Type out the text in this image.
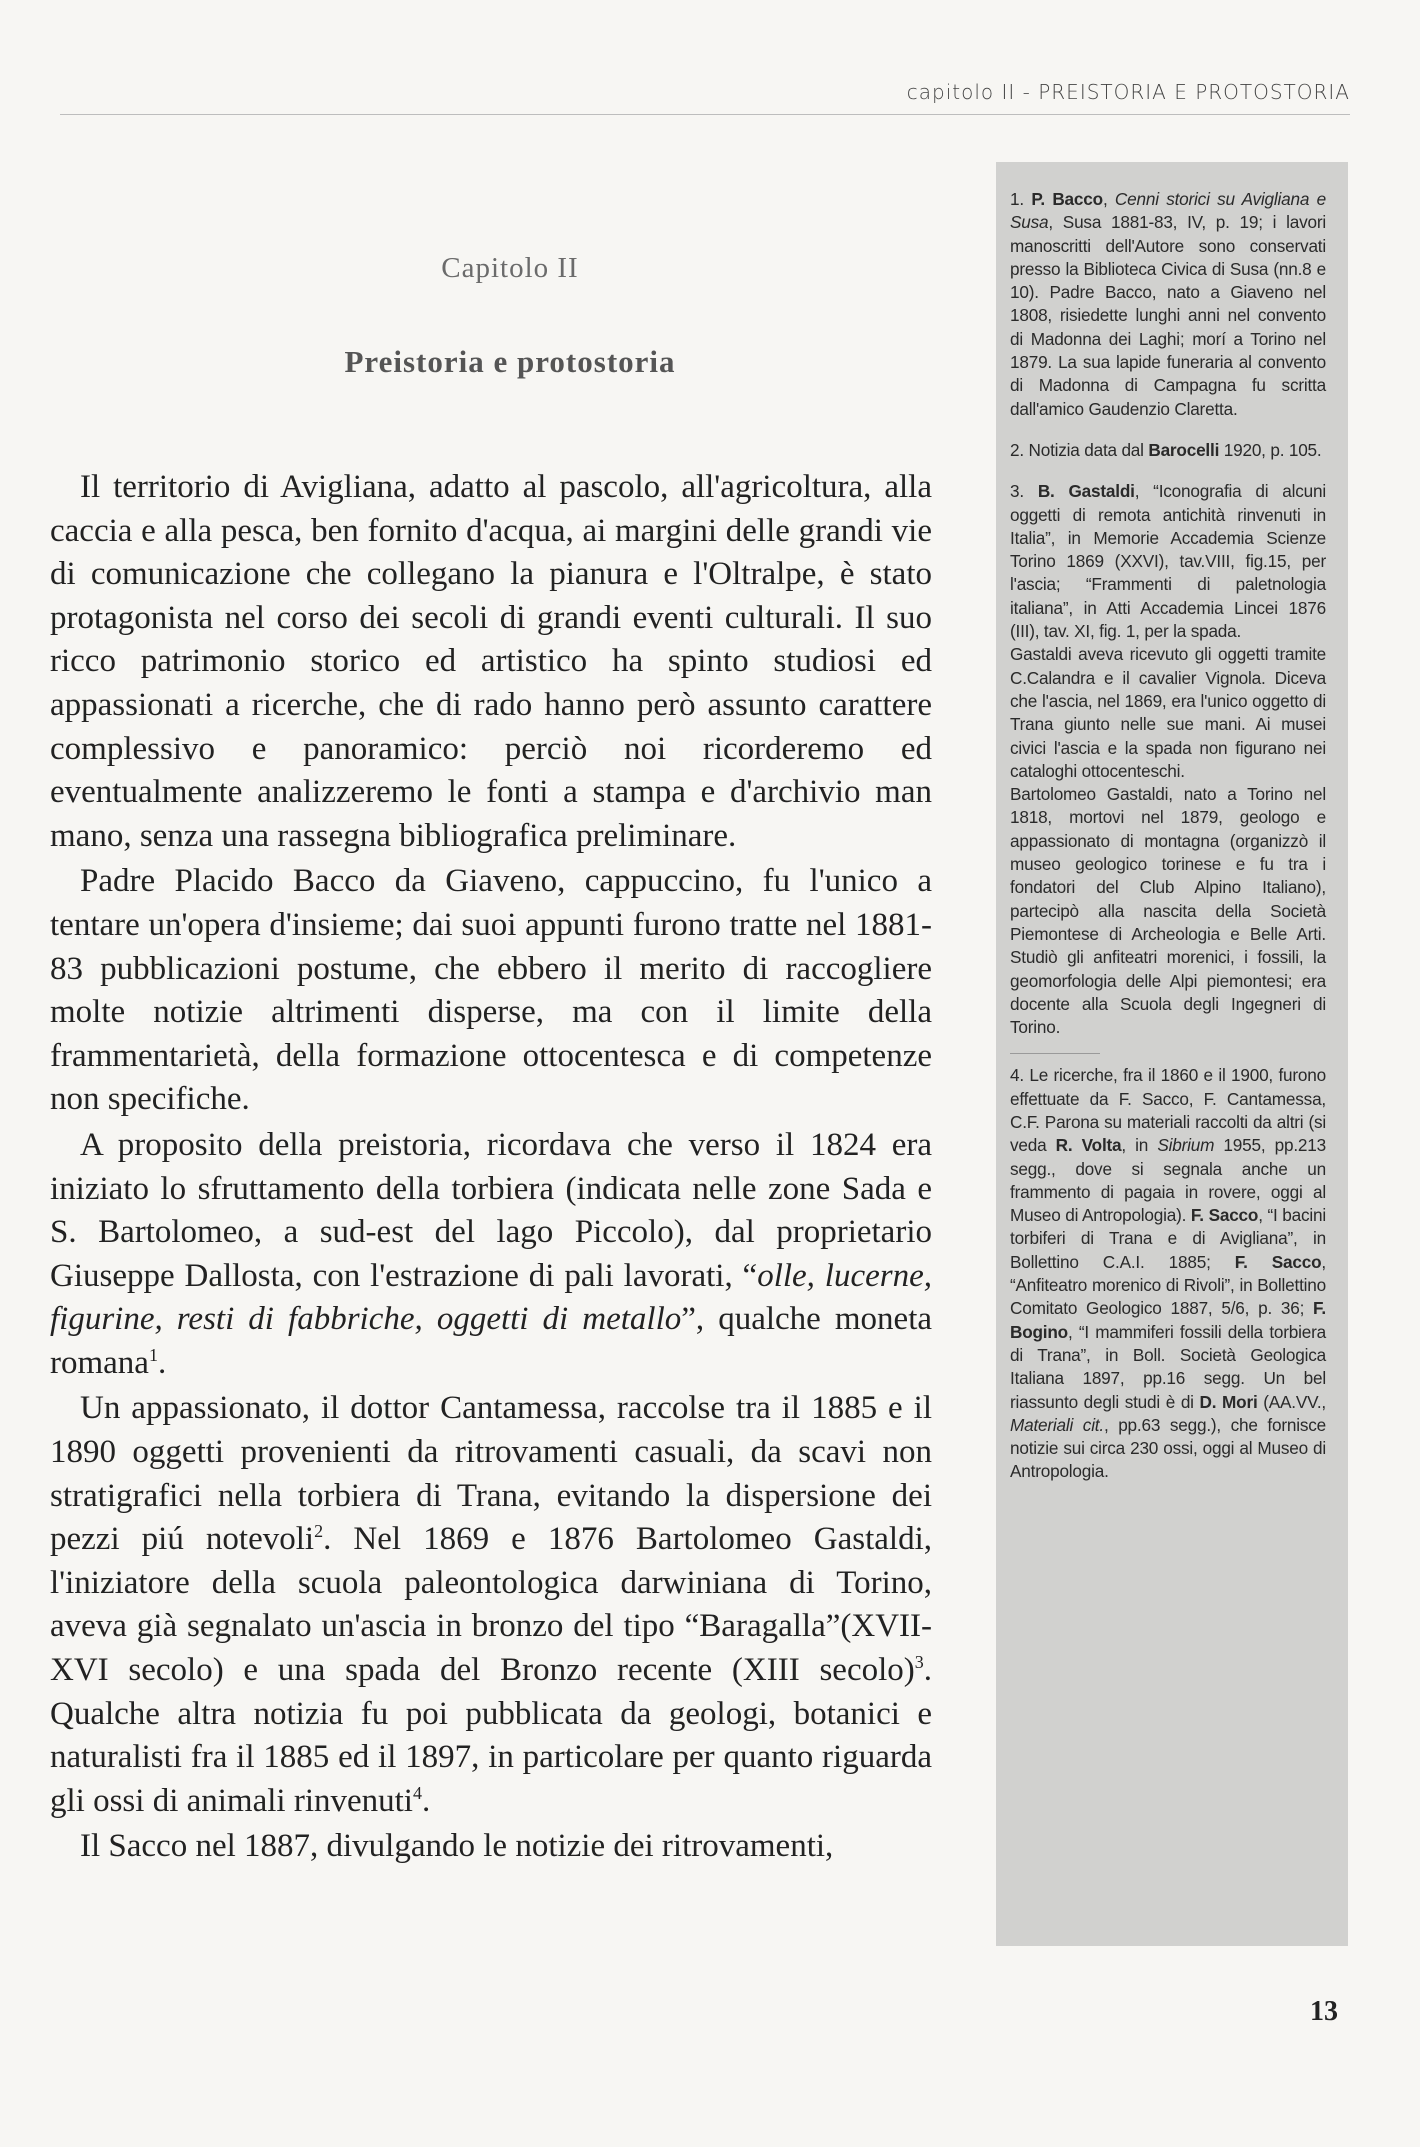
capitolo II - PREISTORIA E PROTOSTORIA
Capitolo II
Preistoria e protostoria

Il territorio di Avigliana, adatto al pascolo, all'agricoltura, alla caccia e alla pesca, ben fornito d'acqua, ai margini delle grandi vie di comunicazione che collegano la pianura e l'Oltralpe, è stato protagonista nel corso dei secoli di grandi eventi culturali. Il suo ricco patrimonio storico ed artistico ha spinto studiosi ed appassionati a ricerche, che di rado hanno però assunto carattere complessivo e panoramico: perciò noi ricorderemo ed eventualmente analizzeremo le fonti a stampa e d'archivio man mano, senza una rassegna bibliografica preliminare.

Padre Placido Bacco da Giaveno, cappuccino, fu l'unico a tentare un'opera d'insieme; dai suoi appunti furono tratte nel 1881-83 pubblicazioni postume, che ebbero il merito di raccogliere molte notizie altrimenti disperse, ma con il limite della frammentarietà, della formazione ottocentesca e di competenze non specifiche.

A proposito della preistoria, ricordava che verso il 1824 era iniziato lo sfruttamento della torbiera (indicata nelle zone Sada e S. Bartolomeo, a sud-est del lago Piccolo), dal proprietario Giuseppe Dallosta, con l'estrazione di pali lavorati, “olle, lucerne, figurine, resti di fabbriche, oggetti di metallo”, qualche moneta romana$^1$.

Un appassionato, il dottor Cantamessa, raccolse tra il 1885 e il 1890 oggetti provenienti da ritrovamenti casuali, da scavi non stratigrafici nella torbiera di Trana, evitando la dispersione dei pezzi piú notevoli$^2$. Nel 1869 e 1876 Bartolomeo Gastaldi, l'iniziatore della scuola paleontologica darwiniana di Torino, aveva già segnalato un'ascia in bronzo del tipo “Baragalla”(XVII-XVI secolo) e una spada del Bronzo recente (XIII secolo)$^3$. Qualche altra notizia fu poi pubblicata da geologi, botanici e naturalisti fra il 1885 ed il 1897, in particolare per quanto riguarda gli ossi di animali rinvenuti$^4$.

Il Sacco nel 1887, divulgando le notizie dei ritrovamenti,

1. P. Bacco, Cenni storici su Avigliana e Susa, Susa 1881-83, IV, p. 19; i lavori manoscritti dell'Autore sono conservati presso la Biblioteca Civica di Susa (nn.8 e 10). Padre Bacco, nato a Giaveno nel 1808, risiedette lunghi anni nel convento di Madonna dei Laghi; morí a Torino nel 1879. La sua lapide funeraria al convento di Madonna di Campagna fu scritta dall'amico Gaudenzio Claretta.
2. Notizia data dal Barocelli 1920, p. 105.

3. B. Gastaldi, “Iconografia di alcuni oggetti di remota antichità rinvenuti in Italia”, in Memorie Accademia Scienze Torino 1869 (XXVI), tav.VIII, fig.15, per l'ascia; “Frammenti di paletnologia italiana”, in Atti Accademia Lincei 1876 (III), tav. XI, fig. 1, per la spada.

Gastaldi aveva ricevuto gli oggetti tramite C.Calandra e il cavalier Vignola. Diceva che l'ascia, nel 1869, era l'unico oggetto di Trana giunto nelle sue mani. Ai musei civici l'ascia e la spada non figurano nei cataloghi ottocenteschi.

Bartolomeo Gastaldi, nato a Torino nel 1818, mortovi nel 1879, geologo e appassionato di montagna (organizzò il museo geologico torinese e fu tra i fondatori del Club Alpino Italiano), partecipò alla nascita della Società Piemontese di Archeologia e Belle Arti. Studiò gli anfiteatri morenici, i fossili, la geomorfologia delle Alpi piemontesi; era docente alla Scuola degli Ingegneri di Torino.

4. Le ricerche, fra il 1860 e il 1900, furono effettuate da F. Sacco, F. Cantamessa, C.F. Parona su materiali raccolti da altri (si veda R. Volta, in Sibrium 1955, pp.213 segg., dove si segnala anche un frammento di pagaia in rovere, oggi al Museo di Antropologia). F. Sacco, “I bacini torbiferi di Trana e di Avigliana”, in Bollettino C.A.I. 1885; F. Sacco, “Anfiteatro morenico di Rivoli”, in Bollettino Comitato Geologico 1887, 5/6, p. 36; F. Bogino, “I mammiferi fossili della torbiera di Trana”, in Boll. Società Geologica Italiana 1897, pp.16 segg. Un bel riassunto degli studi è di D. Mori (AA.VV., Materiali cit., pp.63 segg.), che fornisce notizie sui circa 230 ossi, oggi al Museo di Antropologia.
13
